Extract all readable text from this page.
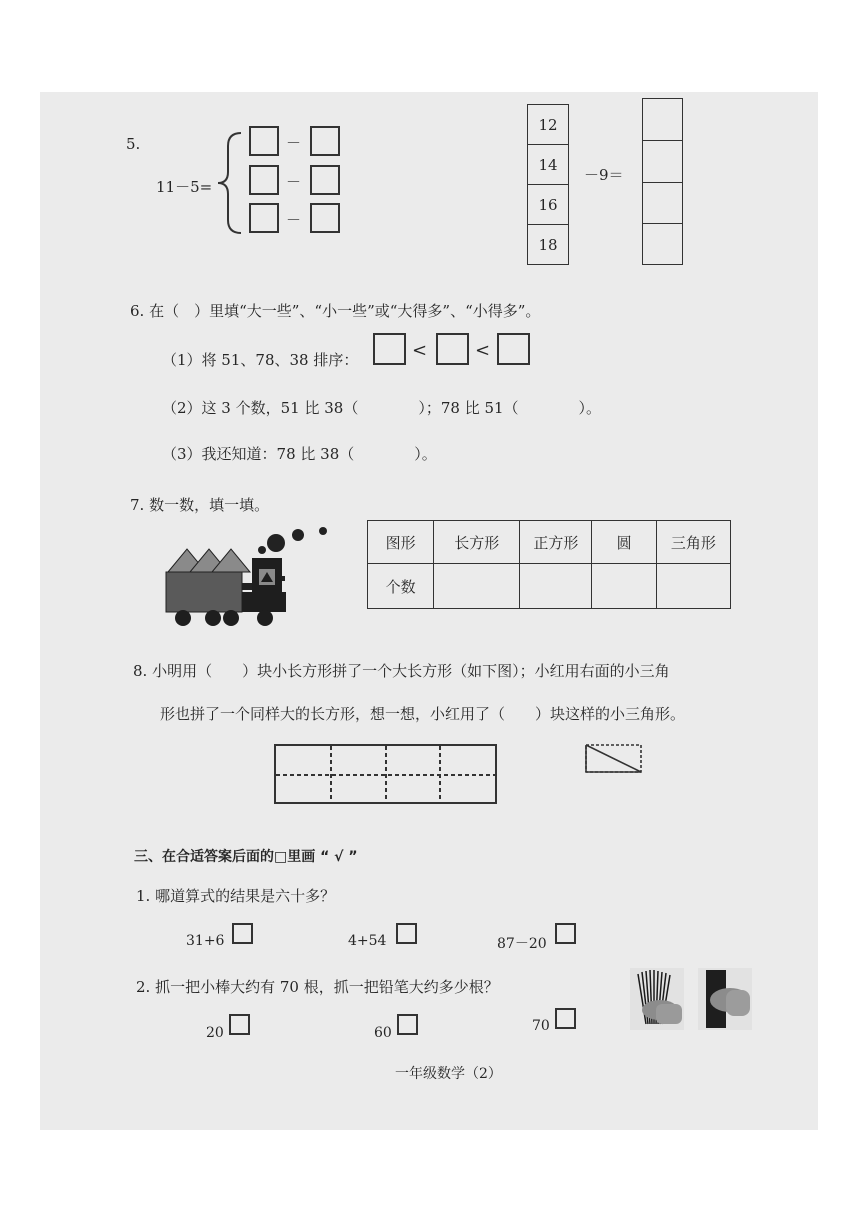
5.
11－5=
－
－
－
12
14
16
18
－9＝
6. 在（　）里填“大一些”、“小一些”或“大得多”、“小得多”。
（1）将 51、78、38 排序：	<	<
（2）这 3 个数，51 比 38（　　　　）；78 比 51（　　　　）。
（3）我还知道：78 比 38（　　　　）。
7. 数一数，填一填。
图形	长方形	正方形	圆	三角形
个数				
8. 小明用（　　）块小长方形拼了一个大长方形（如下图）；小红用右面的小三角
形也拼了一个同样大的长方形，想一想，小红用了（　　）块这样的小三角形。
三、在合适答案后面的□里画 “ √ ”
1. 哪道算式的结果是六十多？
31+6	4+54	87－20
2. 抓一把小棒大约有 70 根，抓一把铅笔大约多少根？
20	60	70
一年级数学（2）
